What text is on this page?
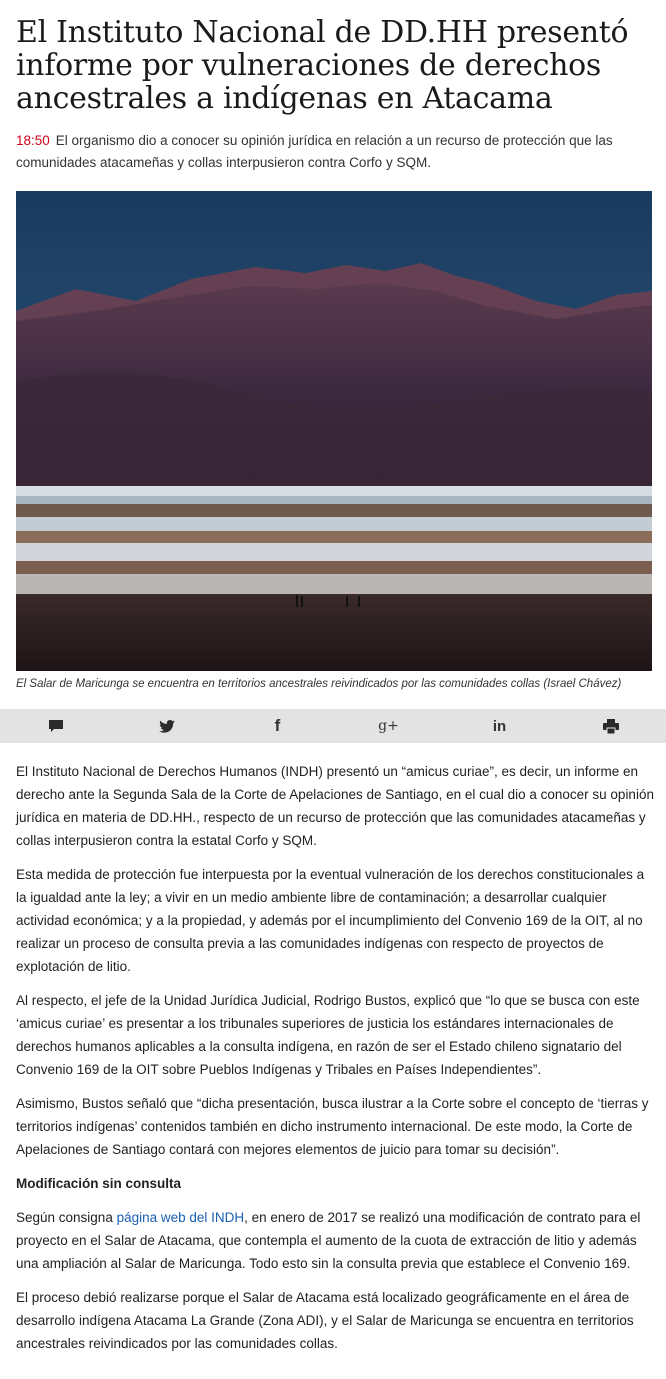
El Instituto Nacional de DD.HH presentó informe por vulneraciones de derechos ancestrales a indígenas en Atacama

18:50 El organismo dio a conocer su opinión jurídica en relación a un recurso de protección que las comunidades atacameñas y collas interpusieron contra Corfo y SQM.

El Salar de Maricunga se encuentra en territorios ancestrales reivindicados por las comunidades collas (Israel Chávez)

f	g+	in

El Instituto Nacional de Derechos Humanos (INDH) presentó un “amicus curiae”, es decir, un informe en derecho ante la Segunda Sala de la Corte de Apelaciones de Santiago, en el cual dio a conocer su opinión jurídica en materia de DD.HH., respecto de un recurso de protección que las comunidades atacameñas y collas interpusieron contra la estatal Corfo y SQM.

Esta medida de protección fue interpuesta por la eventual vulneración de los derechos constitucionales a la igualdad ante la ley; a vivir en un medio ambiente libre de contaminación; a desarrollar cualquier actividad económica; y a la propiedad, y además por el incumplimiento del Convenio 169 de la OIT, al no realizar un proceso de consulta previa a las comunidades indígenas con respecto de proyectos de explotación de litio.

Al respecto, el jefe de la Unidad Jurídica Judicial, Rodrigo Bustos, explicó que “lo que se busca con este ‘amicus curiae’ es presentar a los tribunales superiores de justicia los estándares internacionales de derechos humanos aplicables a la consulta indígena, en razón de ser el Estado chileno signatario del Convenio 169 de la OIT sobre Pueblos Indígenas y Tribales en Países Independientes”.

Asimismo, Bustos señaló que “dicha presentación, busca ilustrar a la Corte sobre el concepto de ‘tierras y territorios indígenas’ contenidos también en dicho instrumento internacional. De este modo, la Corte de Apelaciones de Santiago contará con mejores elementos de juicio para tomar su decisión”.

Modificación sin consulta

Según consigna página web del INDH, en enero de 2017 se realizó una modificación de contrato para el proyecto en el Salar de Atacama, que contempla el aumento de la cuota de extracción de litio y además una ampliación al Salar de Maricunga. Todo esto sin la consulta previa que establece el Convenio 169.

El proceso debió realizarse porque el Salar de Atacama está localizado geográficamente en el área de desarrollo indígena Atacama La Grande (Zona ADI), y el Salar de Maricunga se encuentra en territorios ancestrales reivindicados por las comunidades collas.
